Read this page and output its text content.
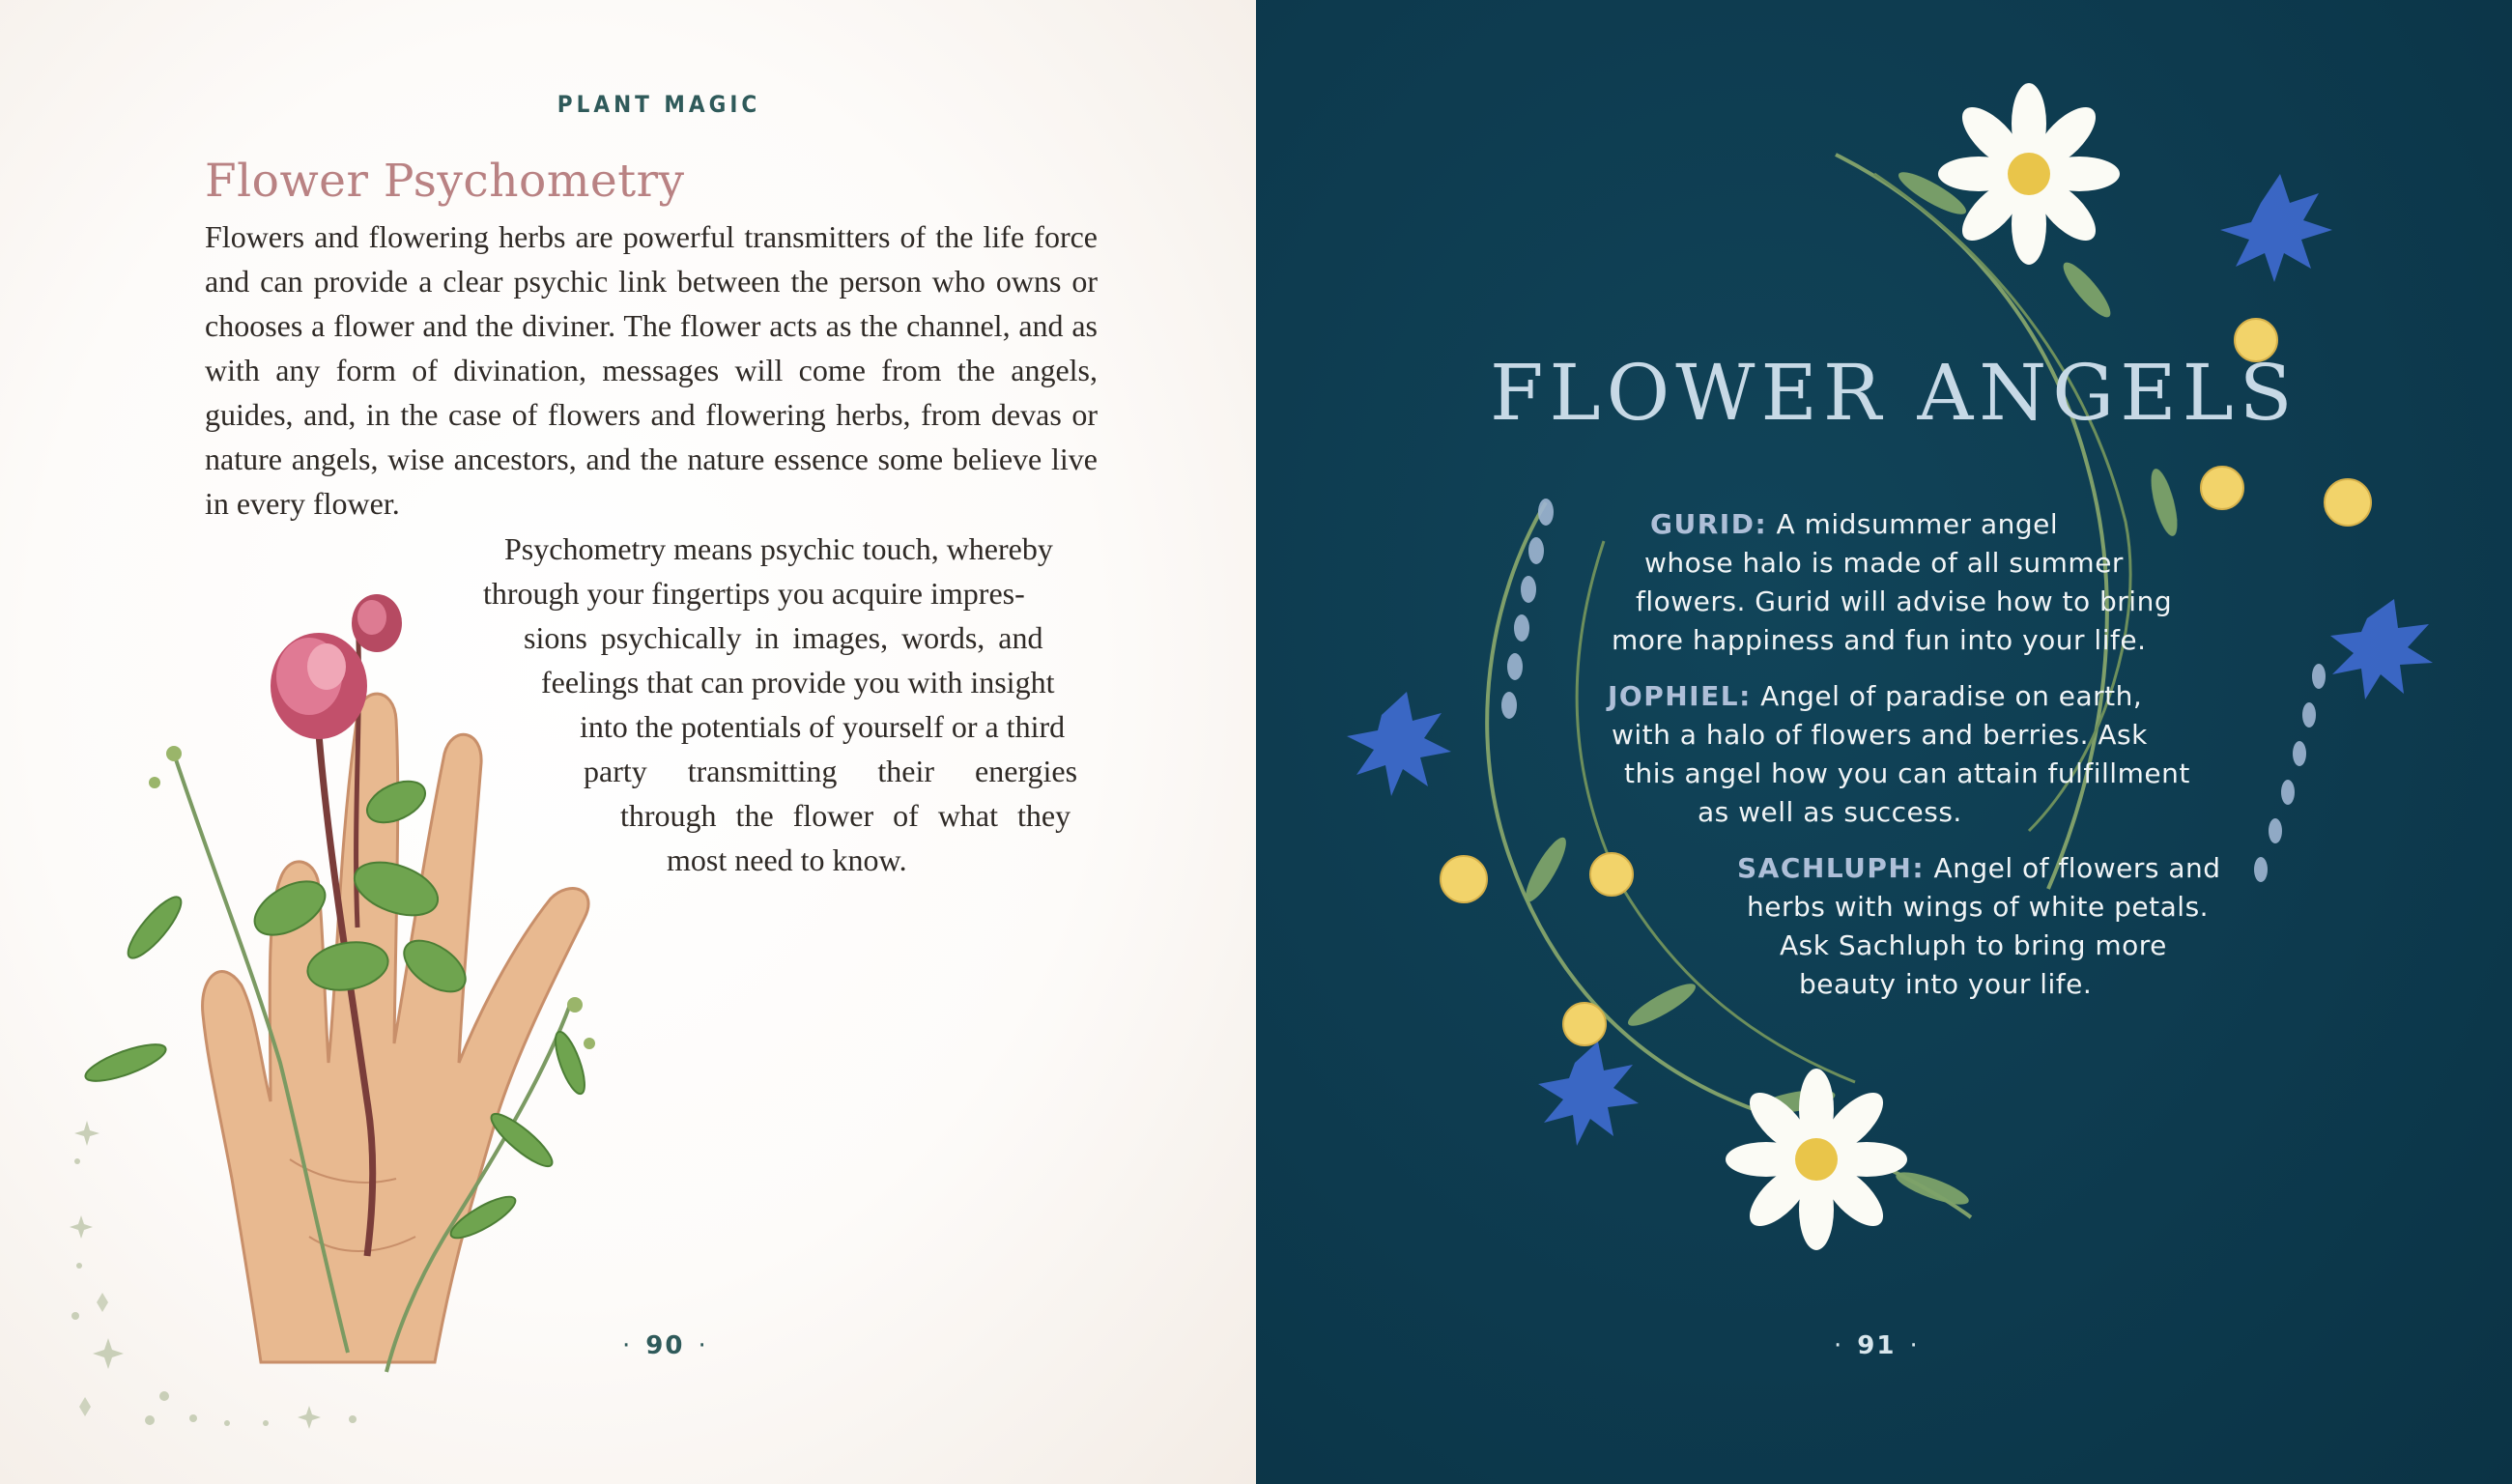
PLANT MAGIC
Flower Psychometry

Flowers and flowering herbs are powerful transmitters of the life force and can provide a clear psychic link between the person who owns or chooses a flower and the diviner. The flower acts as the channel, and as with any form of divination, messages will come from the angels, guides, and, in the case of flowers and flowering herbs, from devas or nature angels, wise ancestors, and the nature essence some believe live in every flower.

Psychometry means psychic touch, whereby
through your fingertips you acquire impres-
sions psychically in images, words, and
feelings that can provide you with insight
into the potentials of yourself or a third
party transmitting their energies
through the flower of what they
most need to know.
· 90 ·
FLOWER ANGELS
GURID: A midsummer angel
whose halo is made of all summer
flowers. Gurid will advise how to bring
more happiness and fun into your life.
JOPHIEL: Angel of paradise on earth,
with a halo of flowers and berries. Ask
this angel how you can attain fulfillment
as well as success.
SACHLUPH: Angel of flowers and
herbs with wings of white petals.
Ask Sachluph to bring more
beauty into your life.
· 91 ·
